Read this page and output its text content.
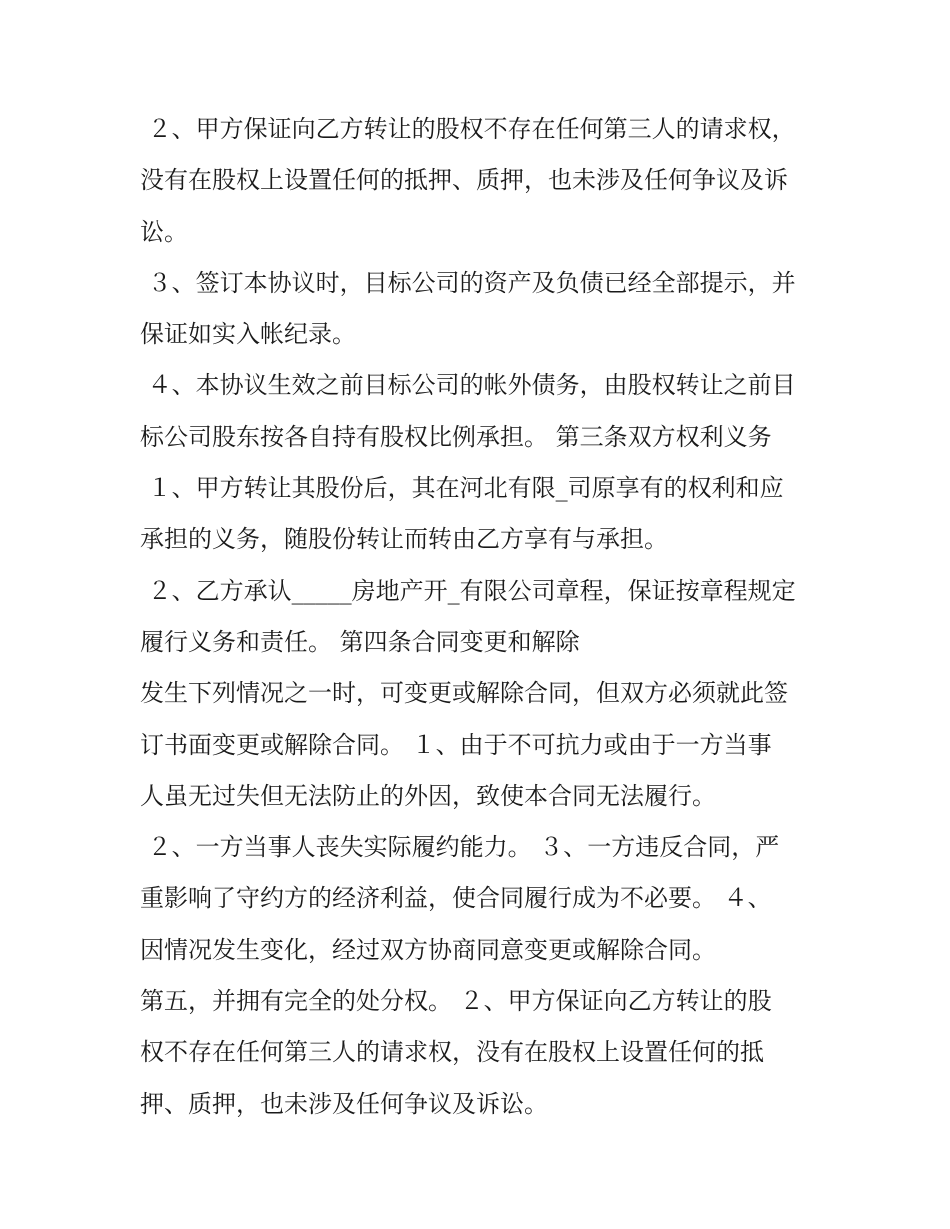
２、甲方保证向乙方转让的股权不存在任何第三人的请求权，
没有在股权上设置任何的抵押、质押，也未涉及任何争议及诉
讼。
３、签订本协议时，目标公司的资产及负债已经全部提示，并
保证如实入帐纪录。
４、本协议生效之前目标公司的帐外债务，由股权转让之前目
标公司股东按各自持有股权比例承担。 第三条双方权利义务
１、甲方转让其股份后，其在河北有限_司原享有的权利和应
承担的义务，随股份转让而转由乙方享有与承担。
２、乙方承认_____房地产开_有限公司章程，保证按章程规定
履行义务和责任。 第四条合同变更和解除
发生下列情况之一时，可变更或解除合同，但双方必须就此签
订书面变更或解除合同。 １、由于不可抗力或由于一方当事
人虽无过失但无法防止的外因，致使本合同无法履行。
２、一方当事人丧失实际履约能力。 ３、一方违反合同，严
重影响了守约方的经济利益，使合同履行成为不必要。 ４、
因情况发生变化，经过双方协商同意变更或解除合同。
第五，并拥有完全的处分权。 ２、甲方保证向乙方转让的股
权不存在任何第三人的请求权，没有在股权上设置任何的抵
押、质押，也未涉及任何争议及诉讼。
